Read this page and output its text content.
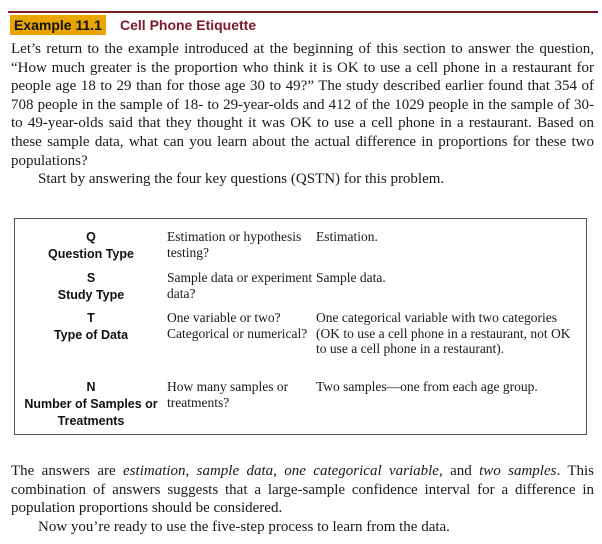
Example 11.1 Cell Phone Etiquette

Let’s return to the example introduced at the beginning of this section to answer the question, “How much greater is the proportion who think it is OK to use a cell phone in a restaurant for people age 18 to 29 than for those age 30 to 49?” The study described earlier found that 354 of 708 people in the sample of 18- to 29-year-olds and 412 of the 1029 people in the sample of 30- to 49-year-olds said that they thought it was OK to use a cell phone in a restaurant. Based on these sample data, what can you learn about the actual difference in proportions for these two populations?

Start by answering the four key questions (QSTN) for this problem.

Q
Question Type
Estimation or hypothesis testing?
Estimation.
S
Study Type
Sample data or experiment data?
Sample data.
T
Type of Data
One variable or two? Categorical or numerical?
One categorical variable with two categories (OK to use a cell phone in a restaurant, not OK to use a cell phone in a restaurant).
N
Number of Samples or Treatments
How many samples or treatments?
Two samples—one from each age group.

The answers are estimation, sample data, one categorical variable, and two samples. This combination of answers suggests that a large-sample confidence interval for a difference in population proportions should be considered.

Now you’re ready to use the five-step process to learn from the data.
